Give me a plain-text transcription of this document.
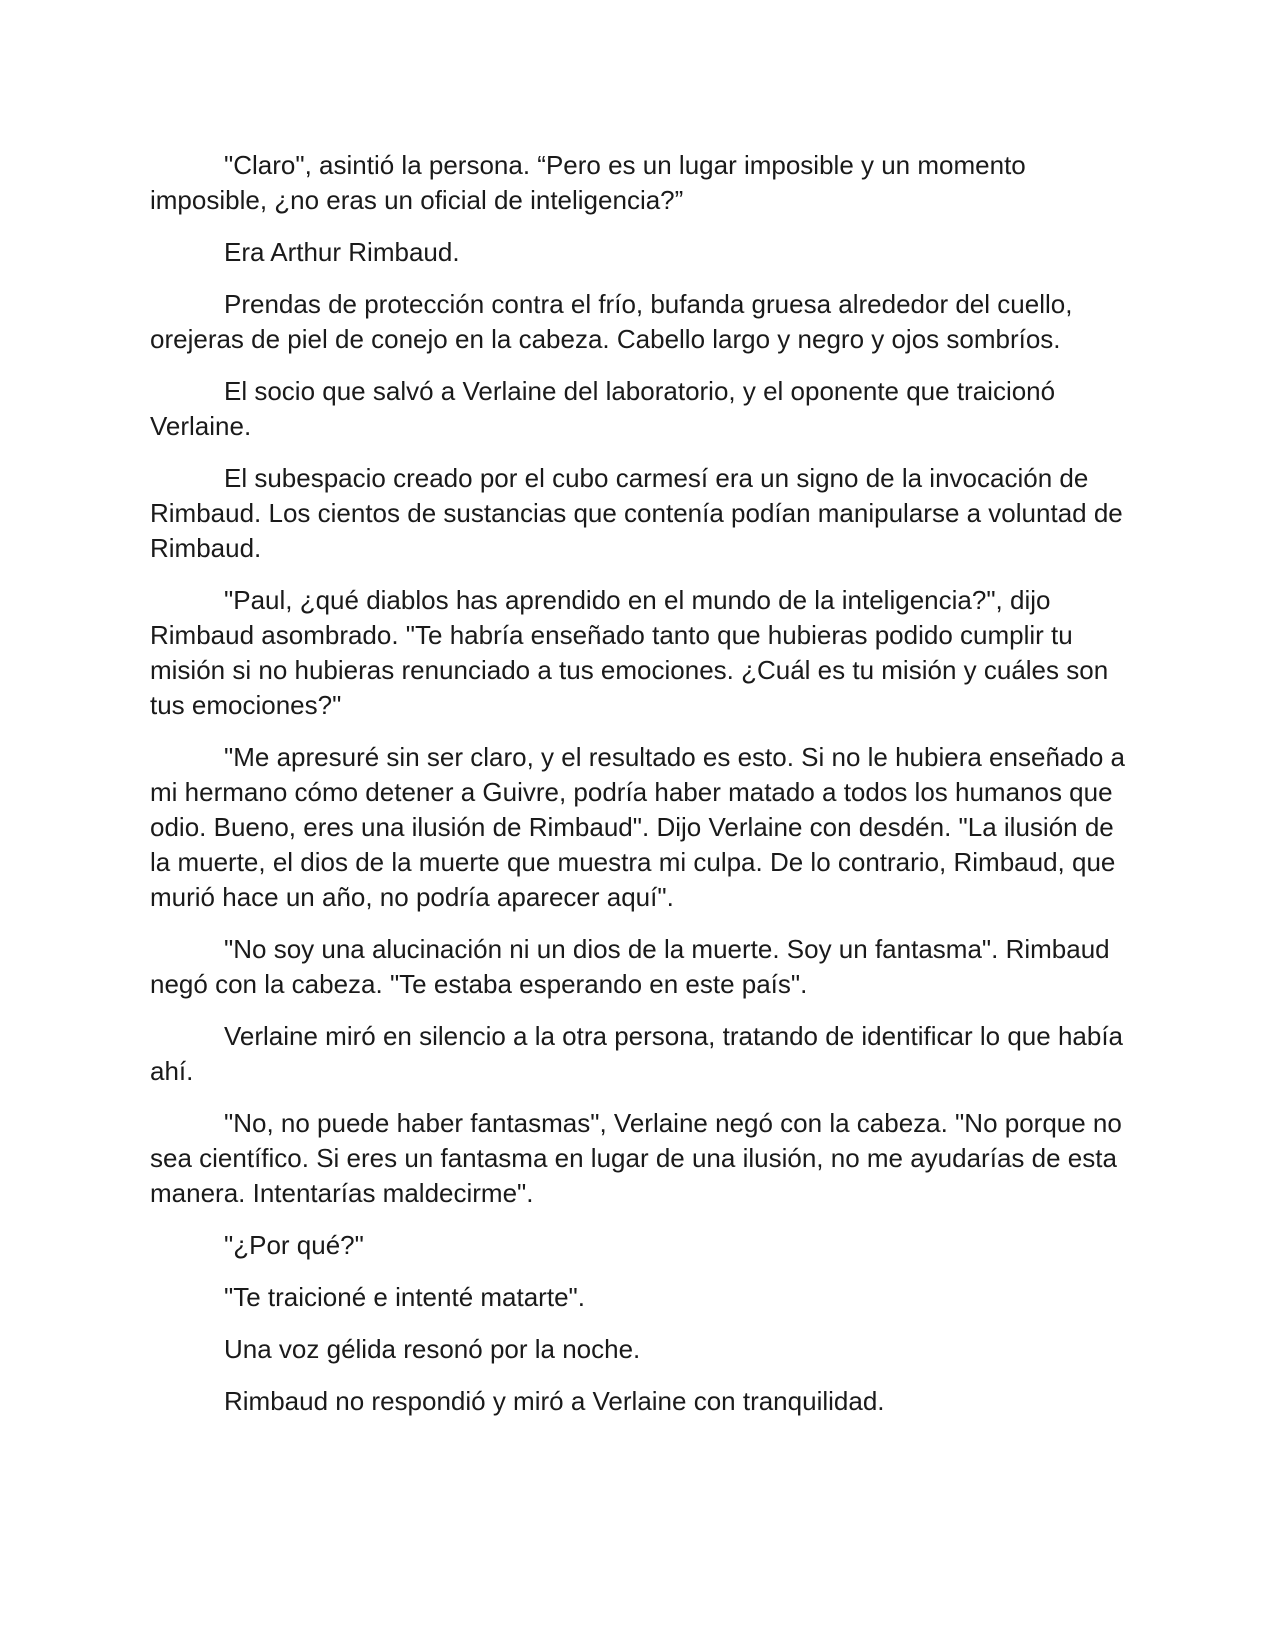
"Claro", asintió la persona. “Pero es un lugar imposible y un momento imposible, ¿no eras un oficial de inteligencia?”

Era Arthur Rimbaud.

Prendas de protección contra el frío, bufanda gruesa alrededor del cuello, orejeras de piel de conejo en la cabeza. Cabello largo y negro y ojos sombríos.

El socio que salvó a Verlaine del laboratorio, y el oponente que traicionó Verlaine.

El subespacio creado por el cubo carmesí era un signo de la invocación de Rimbaud. Los cientos de sustancias que contenía podían manipularse a voluntad de Rimbaud.

"Paul, ¿qué diablos has aprendido en el mundo de la inteligencia?", dijo Rimbaud asombrado. "Te habría enseñado tanto que hubieras podido cumplir tu misión si no hubieras renunciado a tus emociones. ¿Cuál es tu misión y cuáles son tus emociones?"

"Me apresuré sin ser claro, y el resultado es esto. Si no le hubiera enseñado a mi hermano cómo detener a Guivre, podría haber matado a todos los humanos que odio. Bueno, eres una ilusión de Rimbaud". Dijo Verlaine con desdén. "La ilusión de la muerte, el dios de la muerte que muestra mi culpa. De lo contrario, Rimbaud, que murió hace un año, no podría aparecer aquí".

"No soy una alucinación ni un dios de la muerte. Soy un fantasma". Rimbaud negó con la cabeza. "Te estaba esperando en este país".

Verlaine miró en silencio a la otra persona, tratando de identificar lo que había ahí.

"No, no puede haber fantasmas", Verlaine negó con la cabeza. "No porque no sea científico. Si eres un fantasma en lugar de una ilusión, no me ayudarías de esta manera. Intentarías maldecirme".

"¿Por qué?"

"Te traicioné e intenté matarte".

Una voz gélida resonó por la noche.

Rimbaud no respondió y miró a Verlaine con tranquilidad.
